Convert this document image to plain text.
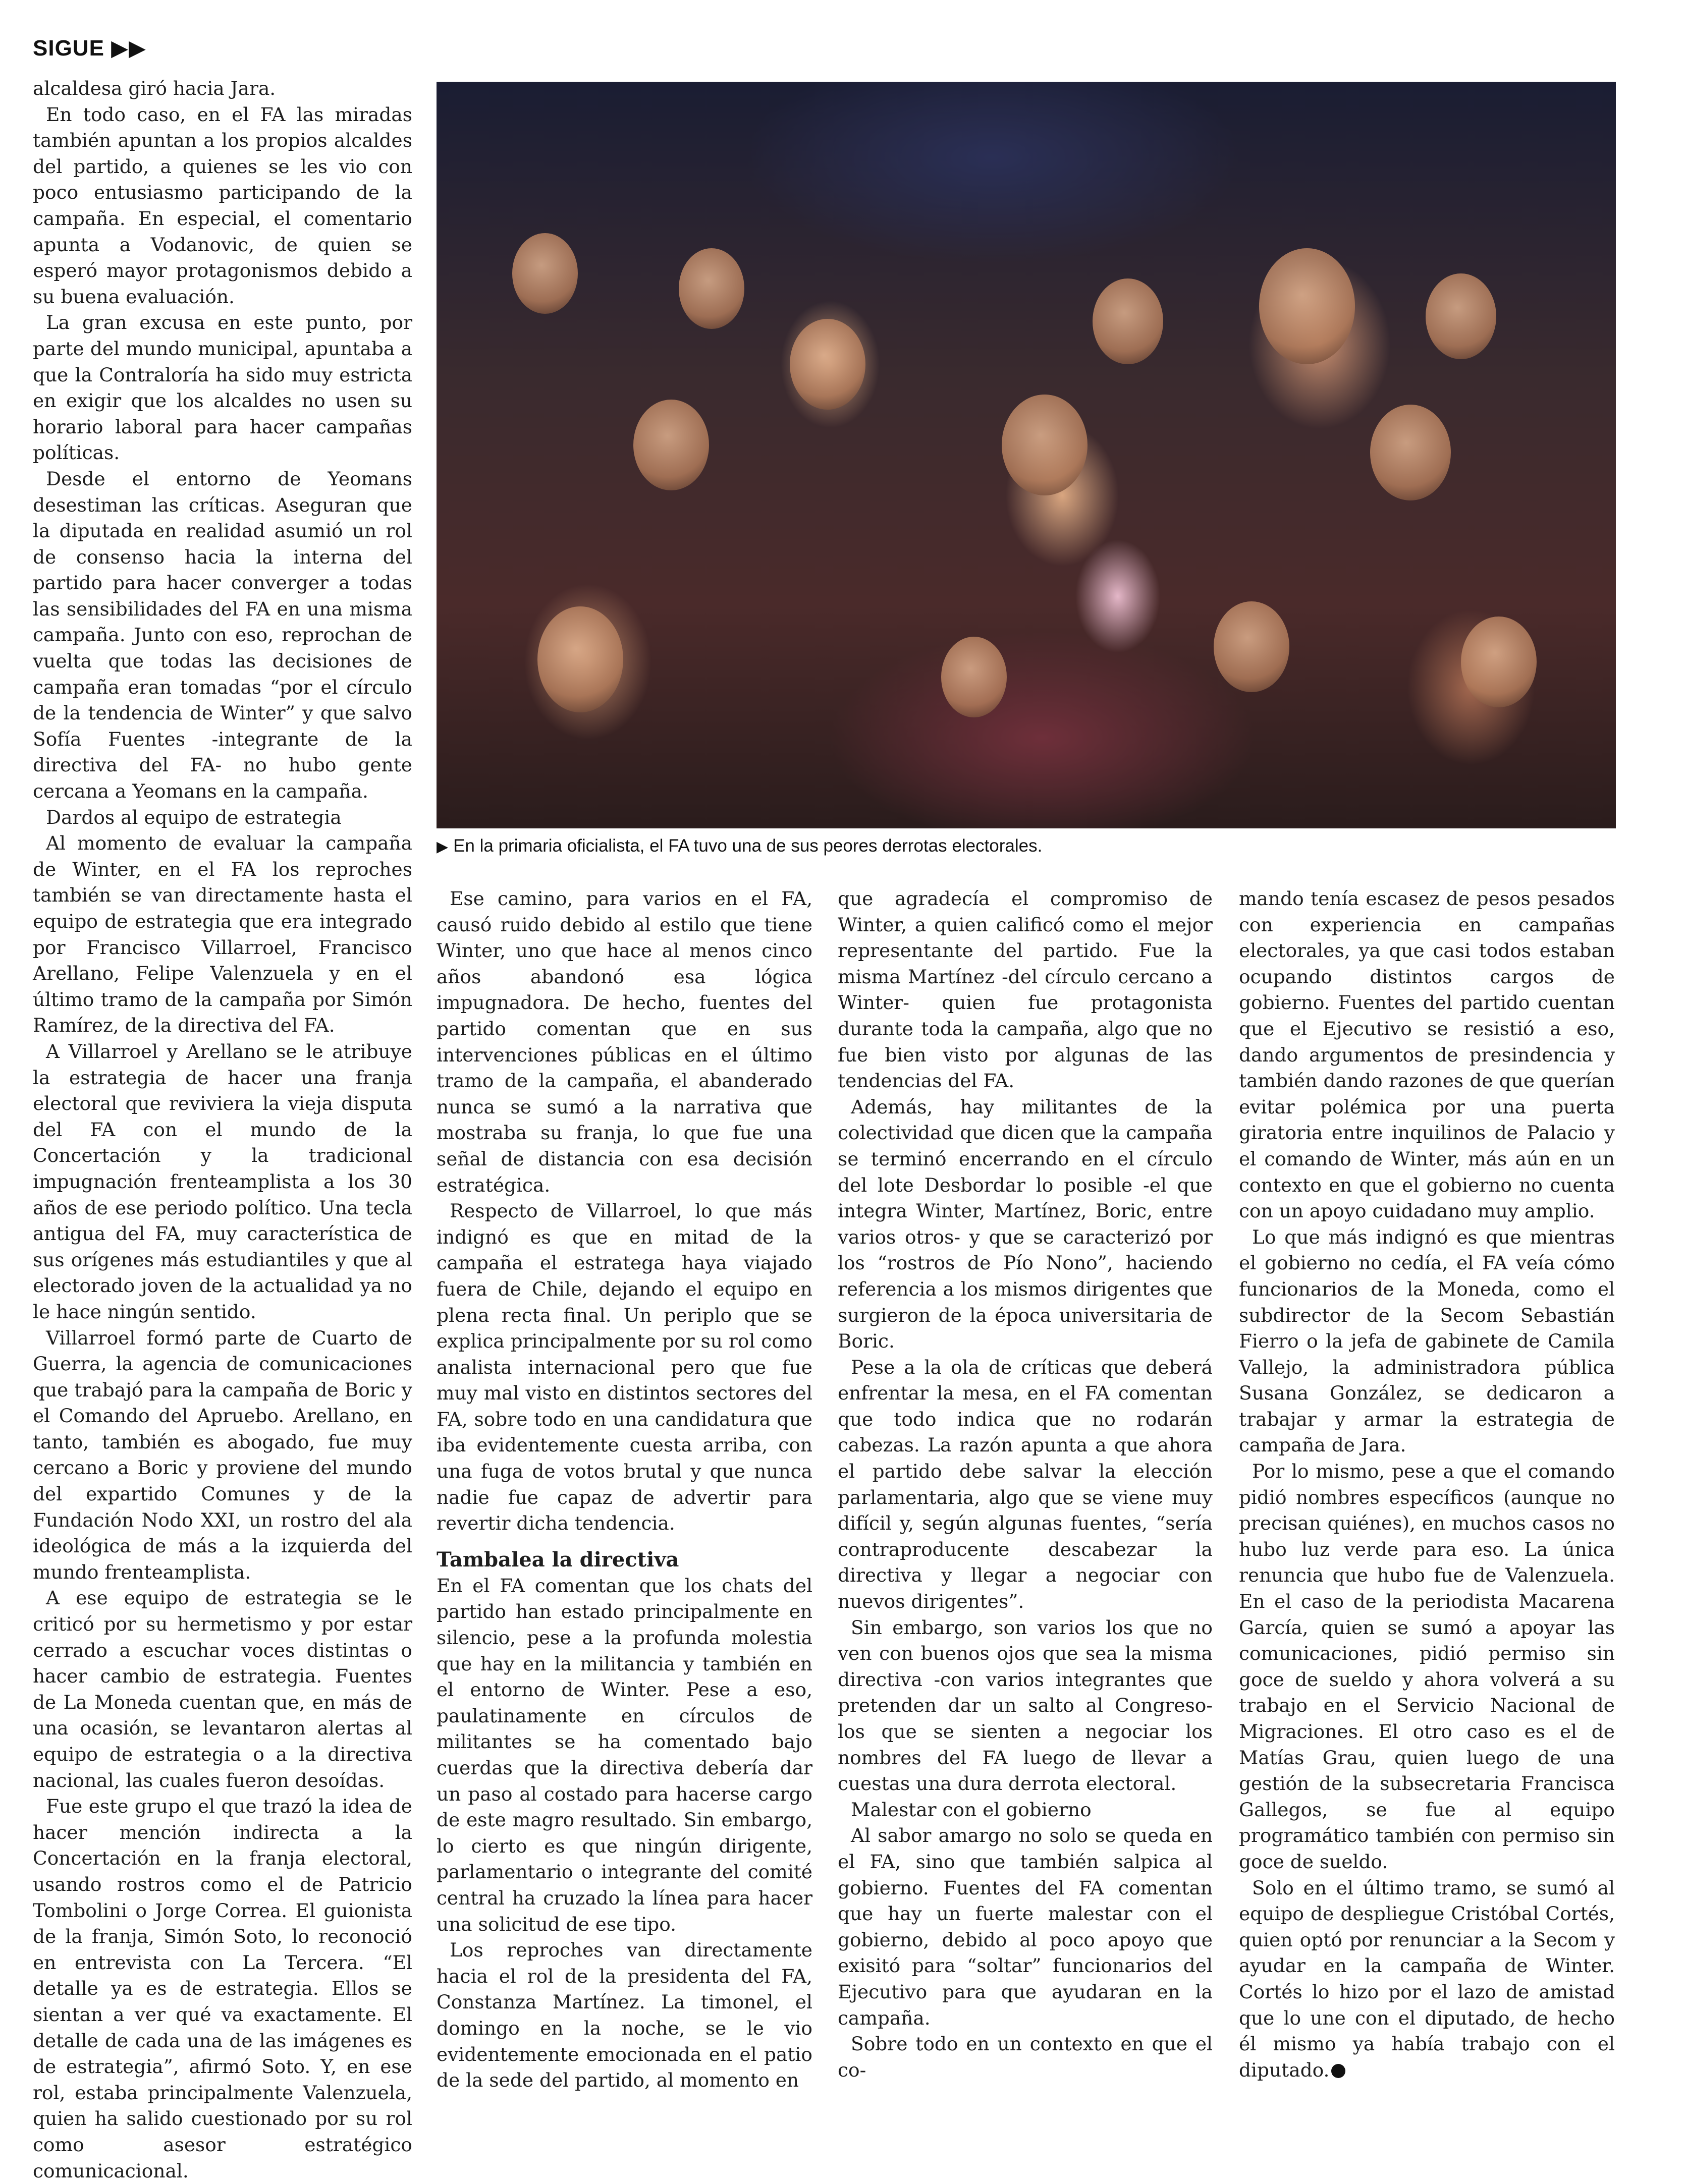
SIGUE ▶▶

alcaldesa giró hacia Jara.

En todo caso, en el FA las miradas también apuntan a los propios alcaldes del partido, a quienes se les vio con poco entusiasmo participando de la campaña. En especial, el comentario apunta a Vodanovic, de quien se esperó mayor protagonismos debido a su buena evaluación.

La gran excusa en este punto, por parte del mundo municipal, apuntaba a que la Contraloría ha sido muy estricta en exigir que los alcaldes no usen su horario laboral para hacer campañas políticas.

Desde el entorno de Yeomans desestiman las críticas. Aseguran que la diputada en realidad asumió un rol de consenso hacia la interna del partido para hacer converger a todas las sensibilidades del FA en una misma campaña. Junto con eso, reprochan de vuelta que todas las decisiones de campaña eran tomadas “por el círculo de la tendencia de Winter” y que salvo Sofía Fuentes -integrante de la directiva del FA- no hubo gente cercana a Yeomans en la campaña.

Dardos al equipo de estrategia

Al momento de evaluar la campaña de Winter, en el FA los reproches también se van directamente hasta el equipo de estrategia que era integrado por Francisco Villarroel, Francisco Arellano, Felipe Valenzuela y en el último tramo de la campaña por Simón Ramírez, de la directiva del FA.

A Villarroel y Arellano se le atribuye la estrategia de hacer una franja electoral que reviviera la vieja disputa del FA con el mundo de la Concertación y la tradicional impugnación frenteamplista a los 30 años de ese periodo político. Una tecla antigua del FA, muy característica de sus orígenes más estudiantiles y que al electorado joven de la actualidad ya no le hace ningún sentido.

Villarroel formó parte de Cuarto de Guerra, la agencia de comunicaciones que trabajó para la campaña de Boric y el Comando del Apruebo. Arellano, en tanto, también es abogado, fue muy cercano a Boric y proviene del mundo del expartido Comunes y de la Fundación Nodo XXI, un rostro del ala ideológica de más a la izquierda del mundo frenteamplista.

A ese equipo de estrategia se le criticó por su hermetismo y por estar cerrado a escuchar voces distintas o hacer cambio de estrategia. Fuentes de La Moneda cuentan que, en más de una ocasión, se levantaron alertas al equipo de estrategia o a la directiva nacional, las cuales fueron desoídas.

Fue este grupo el que trazó la idea de hacer mención indirecta a la Concertación en la franja electoral, usando rostros como el de Patricio Tombolini o Jorge Correa. El guionista de la franja, Simón Soto, lo reconoció en entrevista con La Tercera. “El detalle ya es de estrategia. Ellos se sientan a ver qué va exactamente. El detalle de cada una de las imágenes es de estrategia”, afirmó Soto. Y, en ese rol, estaba principalmente Valenzuela, quien ha salido cuestionado por su rol como asesor estratégico comunicacional.

▶ En la primaria oficialista, el FA tuvo una de sus peores derrotas electorales.

Ese camino, para varios en el FA, causó ruido debido al estilo que tiene Winter, uno que hace al menos cinco años abandonó esa lógica impugnadora. De hecho, fuentes del partido comentan que en sus intervenciones públicas en el último tramo de la campaña, el abanderado nunca se sumó a la narrativa que mostraba su franja, lo que fue una señal de distancia con esa decisión estratégica.

Respecto de Villarroel, lo que más indignó es que en mitad de la campaña el estratega haya viajado fuera de Chile, dejando el equipo en plena recta final. Un periplo que se explica principalmente por su rol como analista internacional pero que fue muy mal visto en distintos sectores del FA, sobre todo en una candidatura que iba evidentemente cuesta arriba, con una fuga de votos brutal y que nunca nadie fue capaz de advertir para revertir dicha tendencia.

Tambalea la directiva

En el FA comentan que los chats del partido han estado principalmente en silencio, pese a la profunda molestia que hay en la militancia y también en el entorno de Winter. Pese a eso, paulatinamente en círculos de militantes se ha comentado bajo cuerdas que la directiva debería dar un paso al costado para hacerse cargo de este magro resultado. Sin embargo, lo cierto es que ningún dirigente, parlamentario o integrante del comité central ha cruzado la línea para hacer una solicitud de ese tipo.

Los reproches van directamente hacia el rol de la presidenta del FA, Constanza Martínez. La timonel, el domingo en la noche, se le vio evidentemente emocionada en el patio de la sede del partido, al momento en

que agradecía el compromiso de Winter, a quien calificó como el mejor representante del partido. Fue la misma Martínez -del círculo cercano a Winter- quien fue protagonista durante toda la campaña, algo que no fue bien visto por algunas de las tendencias del FA.

Además, hay militantes de la colectividad que dicen que la campaña se terminó encerrando en el círculo del lote Desbordar lo posible -el que integra Winter, Martínez, Boric, entre varios otros- y que se caracterizó por los “rostros de Pío Nono”, haciendo referencia a los mismos dirigentes que surgieron de la época universitaria de Boric.

Pese a la ola de críticas que deberá enfrentar la mesa, en el FA comentan que todo indica que no rodarán cabezas. La razón apunta a que ahora el partido debe salvar la elección parlamentaria, algo que se viene muy difícil y, según algunas fuentes, “sería contraproducente descabezar la directiva y llegar a negociar con nuevos dirigentes”.

Sin embargo, son varios los que no ven con buenos ojos que sea la misma directiva -con varios integrantes que pretenden dar un salto al Congreso- los que se sienten a negociar los nombres del FA luego de llevar a cuestas una dura derrota electoral.

Malestar con el gobierno

Al sabor amargo no solo se queda en el FA, sino que también salpica al gobierno. Fuentes del FA comentan que hay un fuerte malestar con el gobierno, debido al poco apoyo que exisitó para “soltar” funcionarios del Ejecutivo para que ayudaran en la campaña.

Sobre todo en un contexto en que el co-

mando tenía escasez de pesos pesados con experiencia en campañas electorales, ya que casi todos estaban ocupando distintos cargos de gobierno. Fuentes del partido cuentan que el Ejecutivo se resistió a eso, dando argumentos de presindencia y también dando razones de que querían evitar polémica por una puerta giratoria entre inquilinos de Palacio y el comando de Winter, más aún en un contexto en que el gobierno no cuenta con un apoyo cuidadano muy amplio.

Lo que más indignó es que mientras el gobierno no cedía, el FA veía cómo funcionarios de la Moneda, como el subdirector de la Secom Sebastián Fierro o la jefa de gabinete de Camila Vallejo, la administradora pública Susana González, se dedicaron a trabajar y armar la estrategia de campaña de Jara.

Por lo mismo, pese a que el comando pidió nombres específicos (aunque no precisan quiénes), en muchos casos no hubo luz verde para eso. La única renuncia que hubo fue de Valenzuela. En el caso de la periodista Macarena García, quien se sumó a apoyar las comunicaciones, pidió permiso sin goce de sueldo y ahora volverá a su trabajo en el Servicio Nacional de Migraciones. El otro caso es el de Matías Grau, quien luego de una gestión de la subsecretaria Francisca Gallegos, se fue al equipo programático también con permiso sin goce de sueldo.

Solo en el último tramo, se sumó al equipo de despliegue Cristóbal Cortés, quien optó por renunciar a la Secom y ayudar en la campaña de Winter. Cortés lo hizo por el lazo de amistad que lo une con el diputado, de hecho él mismo ya había trabajo con el diputado.
